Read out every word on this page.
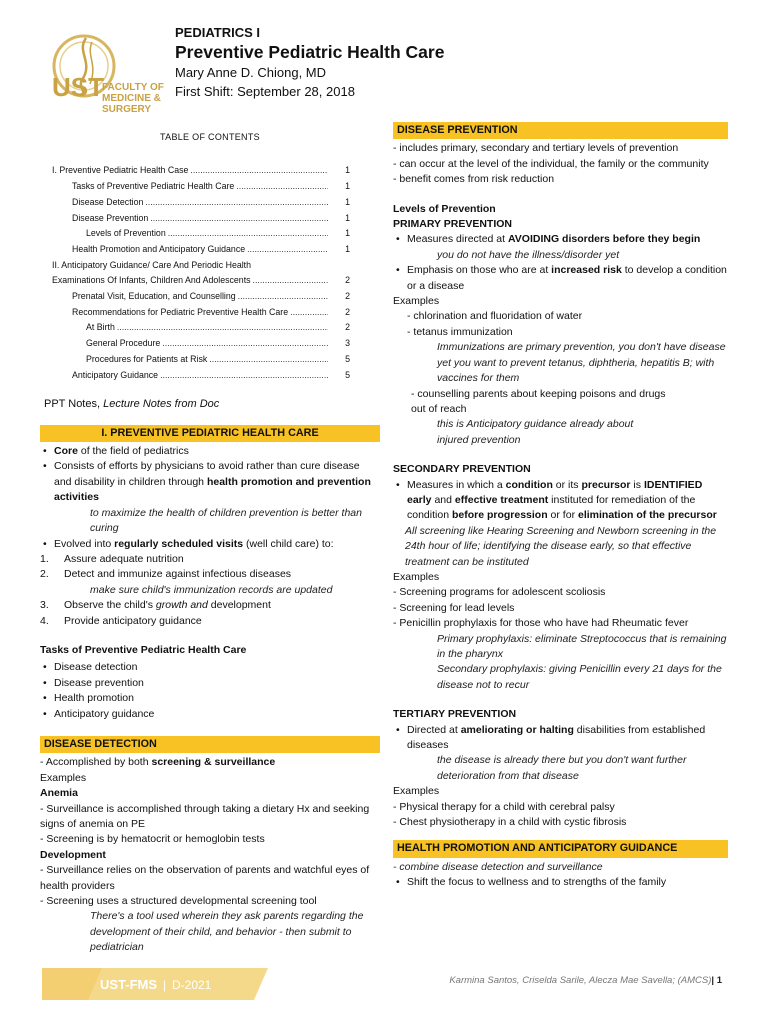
UST
FACULTY OF
MEDICINE &
SURGERY
PEDIATRICS I
Preventive Pediatric Health Care
Mary Anne D. Chiong, MD
First Shift: September 28, 2018
TABLE OF CONTENTS
I. Preventive Pediatric Health Case .....	1
Tasks of Preventive Pediatric Health Care .....	1
Disease Detection .....	1
Disease Prevention .....	1
Levels of Prevention .....	1
Health Promotion and Anticipatory Guidance .....	1
II. Anticipatory Guidance/ Care And Periodic Health
Examinations Of Infants, Children And Adolescents .....	2
Prenatal Visit, Education, and Counselling .....	2
Recommendations for Pediatric Preventive Health Care .....	2
At Birth .....	2
General Procedure .....	3
Procedures for Patients at Risk .....	5
Anticipatory Guidance .....	5
PPT Notes, Lecture Notes from Doc
I. PREVENTIVE PEDIATRIC HEALTH CARE
• Core of the field of pediatrics
• Consists of efforts by physicians to avoid rather than cure disease and disability in children through health promotion and prevention activities
to maximize the health of children prevention is better than curing
• Evolved into regularly scheduled visits (well child care) to:
1. Assure adequate nutrition
2. Detect and immunize against infectious diseases
make sure child's immunization records are updated
3. Observe the child's growth and development
4. Provide anticipatory guidance
Tasks of Preventive Pediatric Health Care
• Disease detection
• Disease prevention
• Health promotion
• Anticipatory guidance
DISEASE DETECTION
- Accomplished by both screening & surveillance
Examples
Anemia
- Surveillance is accomplished through taking a dietary Hx and seeking signs of anemia on PE
- Screening is by hematocrit or hemoglobin tests
Development
- Surveillance relies on the observation of parents and watchful eyes of health providers
- Screening uses a structured developmental screening tool
There's a tool used wherein they ask parents regarding the development of their child, and behavior - then submit to pediatrician
DISEASE PREVENTION
- includes primary, secondary and tertiary levels of prevention
- can occur at the level of the individual, the family or the community
- benefit comes from risk reduction
Levels of Prevention
PRIMARY PREVENTION
• Measures directed at AVOIDING disorders before they begin
you do not have the illness/disorder yet
• Emphasis on those who are at increased risk to develop a condition or a disease
Examples
- chlorination and fluoridation of water
- tetanus immunization
Immunizations are primary prevention, you don't have disease yet you want to prevent tetanus, diphtheria, hepatitis B; with vaccines for them
- counselling parents about keeping poisons and drugs out of reach
this is Anticipatory guidance already about injured prevention
SECONDARY PREVENTION
• Measures in which a condition or its precursor is IDENTIFIED early and effective treatment instituted for remediation of the condition before progression or for elimination of the precursor
All screening like Hearing Screening and Newborn screening in the 24th hour of life; identifying the disease early, so that effective treatment can be instituted
Examples
- Screening programs for adolescent scoliosis
- Screening for lead levels
- Penicillin prophylaxis for those who have had Rheumatic fever
Primary prophylaxis: eliminate Streptococcus that is remaining in the pharynx
Secondary prophylaxis: giving Penicillin every 21 days for the disease not to recur
TERTIARY PREVENTION
• Directed at ameliorating or halting disabilities from established diseases
the disease is already there but you don't want further deterioration from that disease
Examples
- Physical therapy for a child with cerebral palsy
- Chest physiotherapy in a child with cystic fibrosis
HEALTH PROMOTION AND ANTICIPATORY GUIDANCE
- combine disease detection and surveillance
• Shift the focus to wellness and to strengths of the family
UST-FMS | D-2021	Karmina Santos, Criselda Sarile, Alecza Mae Savella; (AMCS)| 1
